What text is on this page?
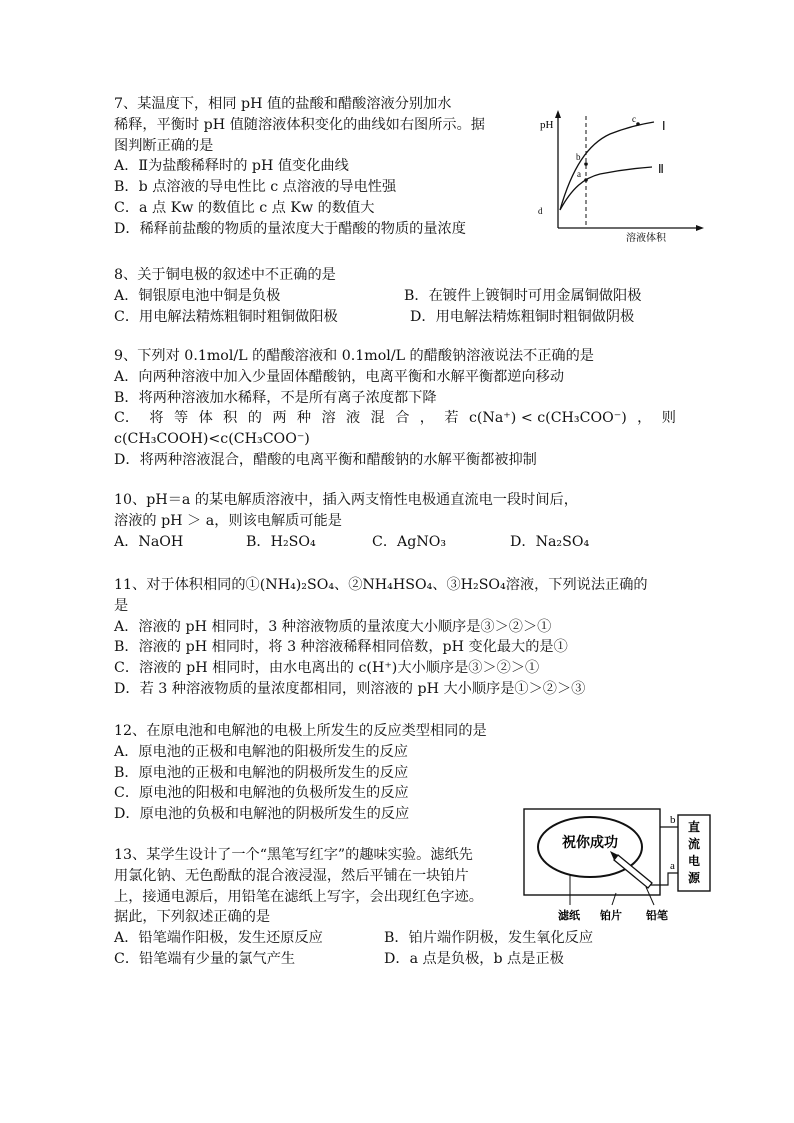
7、某温度下，相同 pH 值的盐酸和醋酸溶液分别加水

稀释，平衡时 pH 值随溶液体积变化的曲线如右图所示。据

图判断正确的是

A．Ⅱ为盐酸稀释时的 pH 值变化曲线

B．b 点溶液的导电性比 c 点溶液的导电性强

C．a 点 Kw 的数值比 c 点 Kw 的数值大

D．稀释前盐酸的物质的量浓度大于醋酸的物质的量浓度

pH
溶液体积
Ⅰ
Ⅱ
a
b
c
d

8、关于铜电极的叙述中不正确的是

A．铜银原电池中铜是负极	B．在镀件上镀铜时可用金属铜做阳极
C．用电解法精炼粗铜时粗铜做阳极	D．用电解法精炼粗铜时粗铜做阴极

9、下列对 0.1mol/L 的醋酸溶液和 0.1mol/L 的醋酸钠溶液说法不正确的是

A．向两种溶液中加入少量固体醋酸钠，电离平衡和水解平衡都逆向移动

B．将两种溶液加水稀释，不是所有离子浓度都下降

C． 将 等 体 积 的 两 种 溶 液 混 合 ， 若 c(Na⁺) < c(CH₃COO⁻) ， 则

c(CH₃COOH)<c(CH₃COO⁻)

D．将两种溶液混合，醋酸的电离平衡和醋酸钠的水解平衡都被抑制

10、pH＝a 的某电解质溶液中，插入两支惰性电极通直流电一段时间后，

溶液的 pH ＞ a，则该电解质可能是

A．NaOH	B．H₂SO₄	C．AgNO₃	D．Na₂SO₄

11、对于体积相同的①(NH₄)₂SO₄、②NH₄HSO₄、③H₂SO₄溶液，下列说法正确的

是

A．溶液的 pH 相同时，3 种溶液物质的量浓度大小顺序是③＞②＞①

B．溶液的 pH 相同时，将 3 种溶液稀释相同倍数，pH 变化最大的是①

C．溶液的 pH 相同时，由水电离出的 c(H⁺)大小顺序是③＞②＞①

D．若 3 种溶液物质的量浓度都相同，则溶液的 pH 大小顺序是①＞②＞③

12、在原电池和电解池的电极上所发生的反应类型相同的是

A．原电池的正极和电解池的阳极所发生的反应

B．原电池的正极和电解池的阴极所发生的反应

C．原电池的阳极和电解池的负极所发生的反应

D．原电池的负极和电解池的阴极所发生的反应

13、某学生设计了一个“黑笔写红字”的趣味实验。滤纸先

用氯化钠、无色酚酞的混合液浸湿，然后平铺在一块铂片

上，接通电源后，用铅笔在滤纸上写字，会出现红色字迹。

据此，下列叙述正确的是

A．铅笔端作阳极，发生还原反应	B．铂片端作阴极，发生氧化反应
C．铅笔端有少量的氯气产生	D．a 点是负极，b 点是正极
祝你成功
直
流
电
源
b
a
滤纸 铂片 铅笔
